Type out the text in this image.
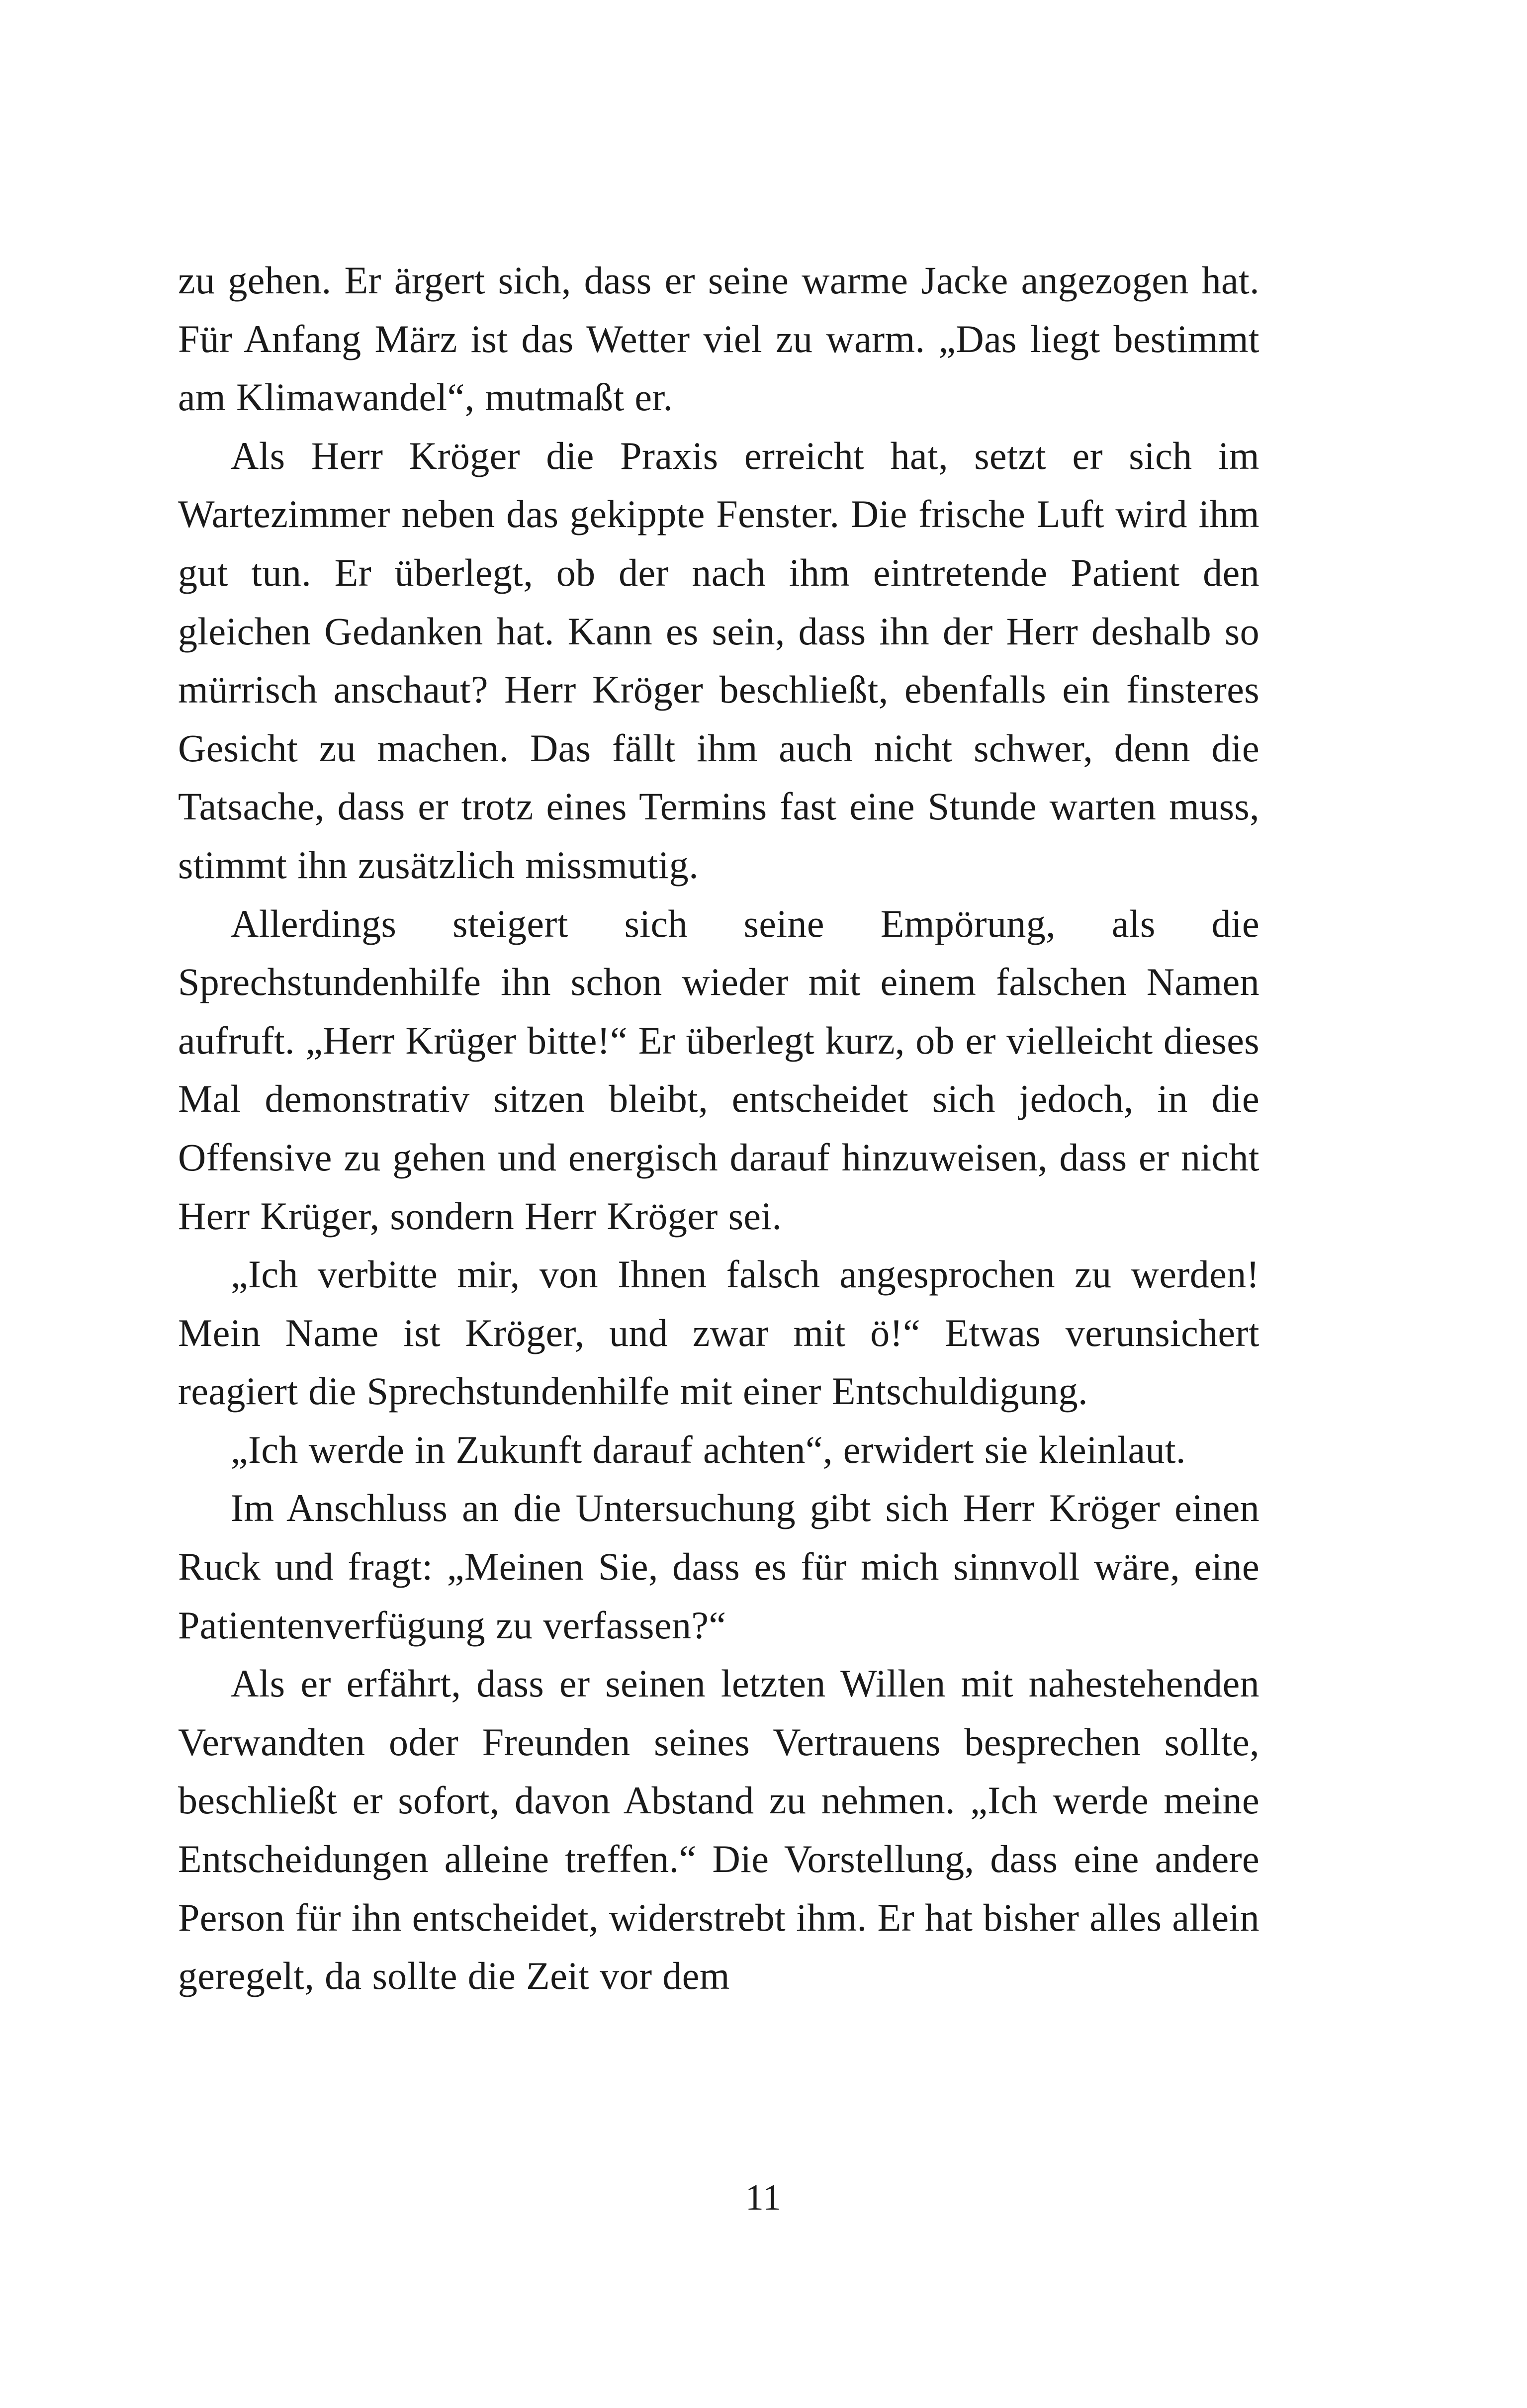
zu gehen. Er ärgert sich, dass er seine warme Jacke angezogen hat. Für Anfang März ist das Wetter viel zu warm. „Das liegt bestimmt am Klimawandel“, mutmaßt er.

Als Herr Kröger die Praxis erreicht hat, setzt er sich im Wartezimmer neben das gekippte Fenster. Die frische Luft wird ihm gut tun. Er überlegt, ob der nach ihm eintretende Patient den gleichen Gedanken hat. Kann es sein, dass ihn der Herr deshalb so mürrisch anschaut? Herr Kröger beschließt, ebenfalls ein finsteres Gesicht zu machen. Das fällt ihm auch nicht schwer, denn die Tatsache, dass er trotz eines Termins fast eine Stunde warten muss, stimmt ihn zusätzlich missmutig.

Allerdings steigert sich seine Empörung, als die Sprechstundenhilfe ihn schon wieder mit einem falschen Namen aufruft. „Herr Krüger bitte!“ Er überlegt kurz, ob er vielleicht dieses Mal demonstrativ sitzen bleibt, entscheidet sich jedoch, in die Offensive zu gehen und energisch darauf hinzuweisen, dass er nicht Herr Krüger, sondern Herr Kröger sei.

„Ich verbitte mir, von Ihnen falsch angesprochen zu werden! Mein Name ist Kröger, und zwar mit ö!“ Etwas verunsichert reagiert die Sprechstundenhilfe mit einer Entschuldigung.

„Ich werde in Zukunft darauf achten“, erwidert sie kleinlaut.

Im Anschluss an die Untersuchung gibt sich Herr Kröger einen Ruck und fragt: „Meinen Sie, dass es für mich sinnvoll wäre, eine Patientenverfügung zu verfassen?“

Als er erfährt, dass er seinen letzten Willen mit nahestehenden Verwandten oder Freunden seines Vertrauens besprechen sollte, beschließt er sofort, davon Abstand zu nehmen. „Ich werde meine Entscheidungen alleine treffen.“ Die Vorstellung, dass eine andere Person für ihn entscheidet, widerstrebt ihm. Er hat bisher alles allein geregelt, da sollte die Zeit vor dem

11
